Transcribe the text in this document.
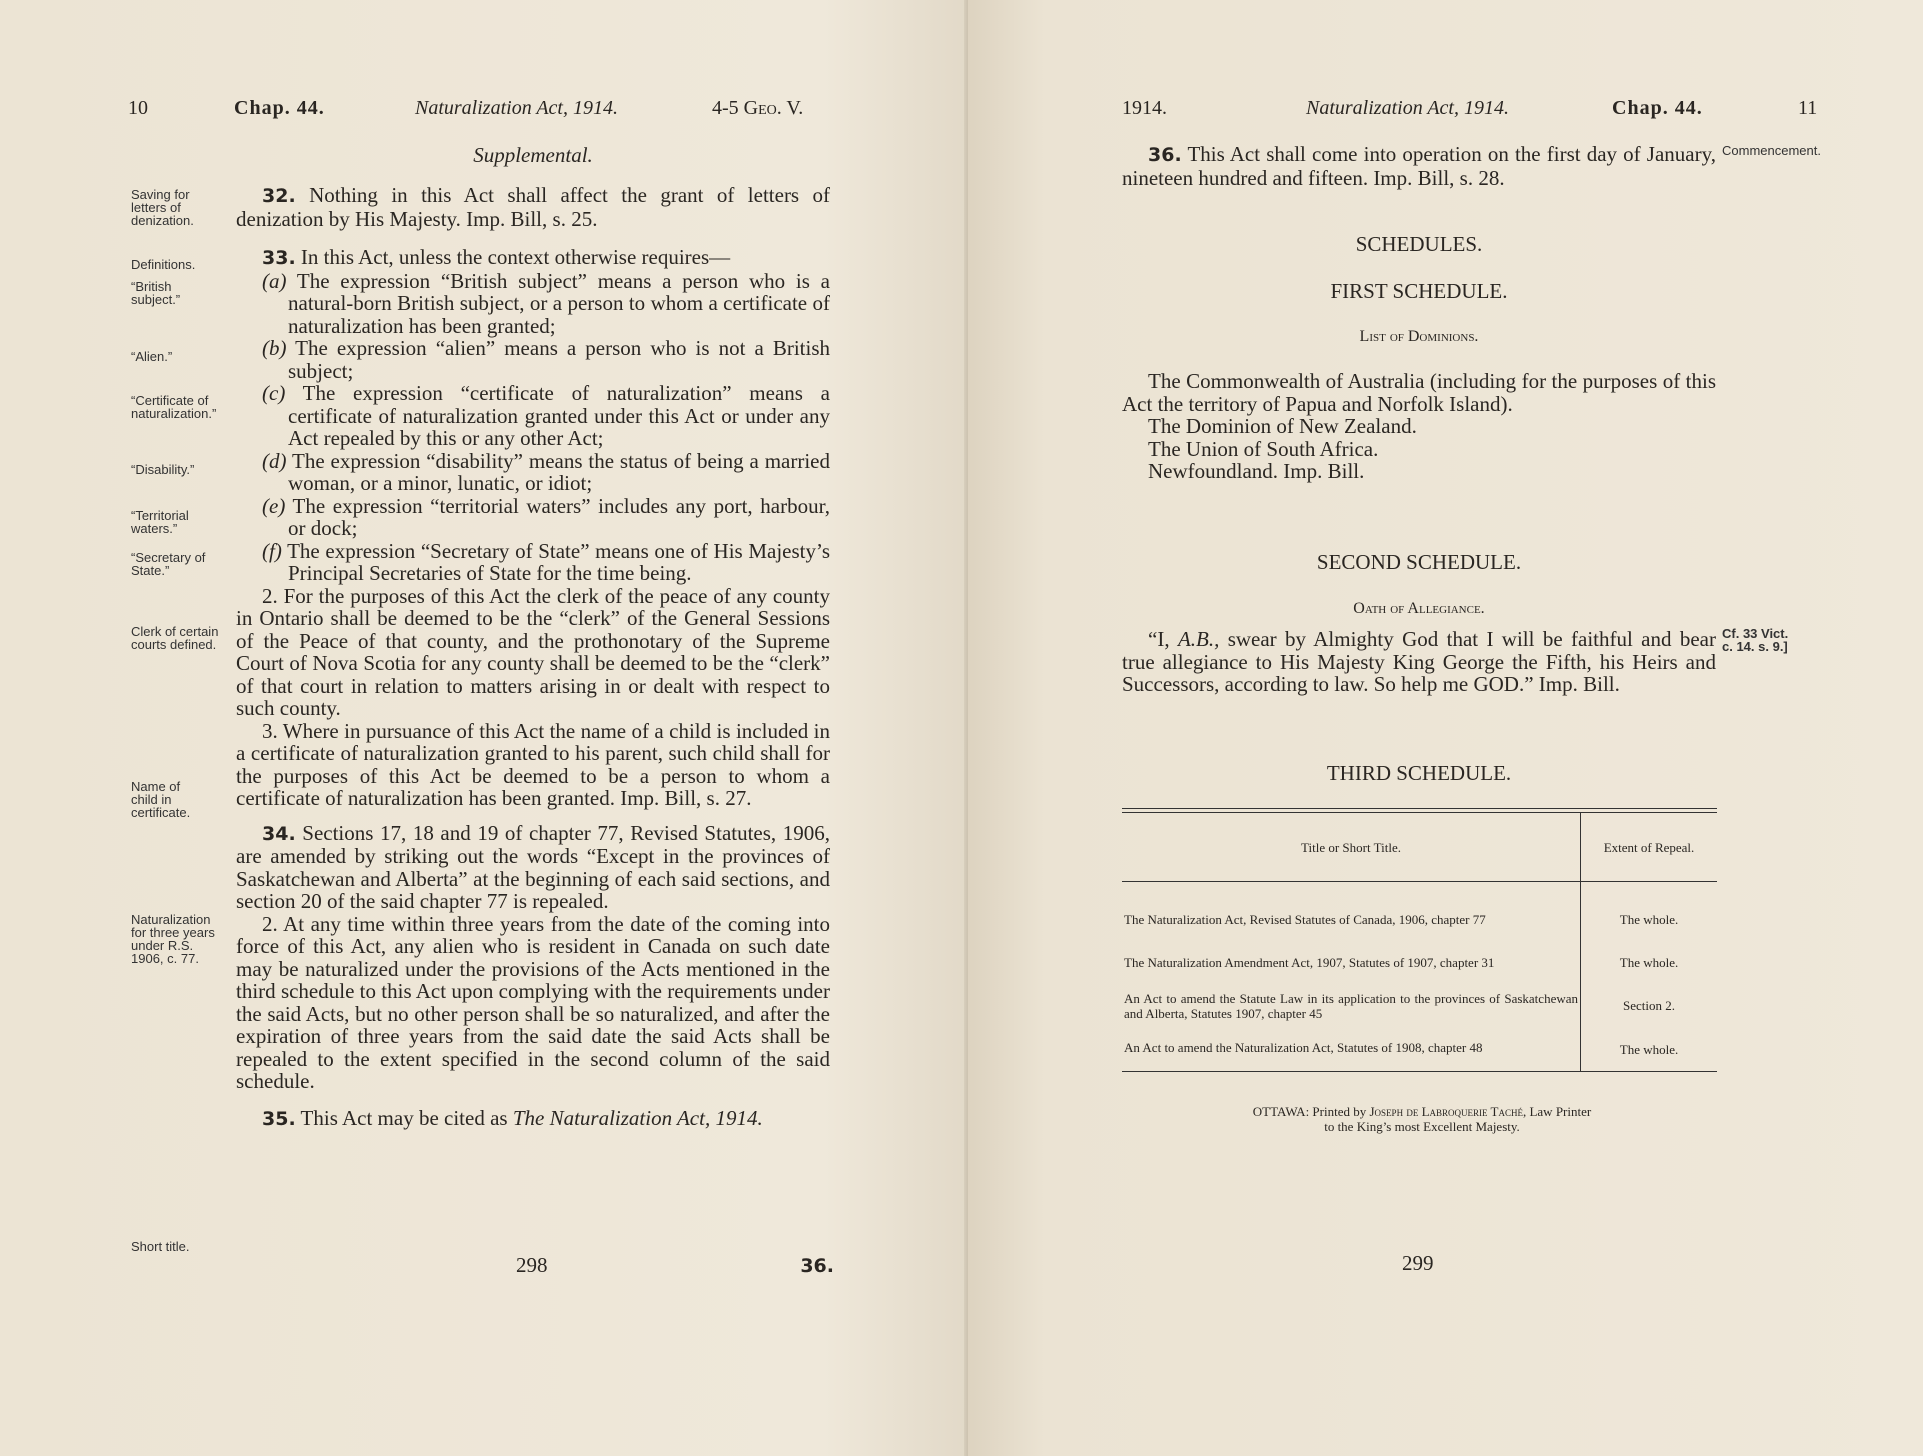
10	Chap. 44.	Naturalization Act, 1914.	4-5 Geo. V.
Supplemental.
Saving for letters of denization.
Definitions.
“British subject.”
“Alien.”
“Certificate of naturalization.”
“Disability.”
“Territorial waters.”
“Secretary of State.”
Clerk of certain courts defined.
Name of child in certificate.
Naturalization for three years under R.S. 1906, c. 77.
Short title.

32. Nothing in this Act shall affect the grant of letters of denization by His Majesty. Imp. Bill, s. 25.

33. In this Act, unless the context otherwise requires—

(a) The expression “British subject” means a person who is a natural-born British subject, or a person to whom a certificate of naturalization has been granted;

(b) The expression “alien” means a person who is not a British subject;

(c) The expression “certificate of naturalization” means a certificate of naturalization granted under this Act or under any Act repealed by this or any other Act;

(d) The expression “disability” means the status of being a married woman, or a minor, lunatic, or idiot;

(e) The expression “territorial waters” includes any port, harbour, or dock;

(f) The expression “Secretary of State” means one of His Majesty’s Principal Secretaries of State for the time being.

2. For the purposes of this Act the clerk of the peace of any county in Ontario shall be deemed to be the “clerk” of the General Sessions of the Peace of that county, and the prothonotary of the Supreme Court of Nova Scotia for any county shall be deemed to be the “clerk” of that court in relation to matters arising in or dealt with respect to such county.

3. Where in pursuance of this Act the name of a child is included in a certificate of naturalization granted to his parent, such child shall for the purposes of this Act be deemed to be a person to whom a certificate of naturalization has been granted. Imp. Bill, s. 27.

34. Sections 17, 18 and 19 of chapter 77, Revised Statutes, 1906, are amended by striking out the words “Except in the provinces of Saskatchewan and Alberta” at the beginning of each said sections, and section 20 of the said chapter 77 is repealed.

2. At any time within three years from the date of the coming into force of this Act, any alien who is resident in Canada on such date may be naturalized under the provisions of the Acts mentioned in the third schedule to this Act upon complying with the requirements under the said Acts, but no other person shall be so naturalized, and after the expiration of three years from the said date the said Acts shall be repealed to the extent specified in the second column of the said schedule.

35. This Act may be cited as The Naturalization Act, 1914.

298	36.
1914.	Naturalization Act, 1914.	Chap. 44.	11

36. This Act shall come into operation on the first day of January, nineteen hundred and fifteen. Imp. Bill, s. 28.

Commencement.
SCHEDULES.
FIRST SCHEDULE.
List of Dominions.

The Commonwealth of Australia (including for the purposes of this Act the territory of Papua and Norfolk Island).

The Dominion of New Zealand.

The Union of South Africa.

Newfoundland. Imp. Bill.

SECOND SCHEDULE.
Oath of Allegiance.

“I, A.B., swear by Almighty God that I will be faithful and bear true allegiance to His Majesty King George the Fifth, his Heirs and Successors, according to law. So help me GOD.” Imp. Bill.

Cf. 33 Vict. c. 14. s. 9.]
THIRD SCHEDULE.
Title or Short Title.	Extent of Repeal.
The Naturalization Act, Revised Statutes of Canada, 1906, chapter 77	The whole.
The Naturalization Amendment Act, 1907, Statutes of 1907, chapter 31	The whole.
An Act to amend the Statute Law in its application to the provinces of Saskatchewan and Alberta, Statutes 1907, chapter 45	Section 2.
An Act to amend the Naturalization Act, Statutes of 1908, chapter 48	The whole.
OTTAWA: Printed by Joseph de Labroquerie Taché, Law Printer
to the King’s most Excellent Majesty.
299
